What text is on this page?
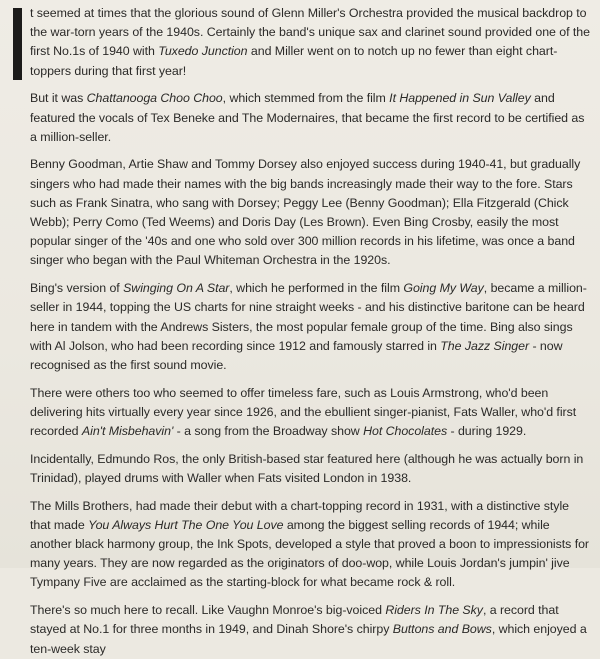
t seemed at times that the glorious sound of Glenn Miller's Orchestra provided the musical backdrop to the war-torn years of the 1940s. Certainly the band's unique sax and clarinet sound provided one of the first No.1s of 1940 with Tuxedo Junction and Miller went on to notch up no fewer than eight chart-toppers during that first year!

But it was Chattanooga Choo Choo, which stemmed from the film It Happened in Sun Valley and featured the vocals of Tex Beneke and The Modernaires, that became the first record to be certified as a million-seller.

Benny Goodman, Artie Shaw and Tommy Dorsey also enjoyed success during 1940-41, but gradually singers who had made their names with the big bands increasingly made their way to the fore. Stars such as Frank Sinatra, who sang with Dorsey; Peggy Lee (Benny Goodman); Ella Fitzgerald (Chick Webb); Perry Como (Ted Weems) and Doris Day (Les Brown). Even Bing Crosby, easily the most popular singer of the '40s and one who sold over 300 million records in his lifetime, was once a band singer who began with the Paul Whiteman Orchestra in the 1920s.

Bing's version of Swinging On A Star, which he performed in the film Going My Way, became a million-seller in 1944, topping the US charts for nine straight weeks - and his distinctive baritone can be heard here in tandem with the Andrews Sisters, the most popular female group of the time. Bing also sings with Al Jolson, who had been recording since 1912 and famously starred in The Jazz Singer - now recognised as the first sound movie.

There were others too who seemed to offer timeless fare, such as Louis Armstrong, who'd been delivering hits virtually every year since 1926, and the ebullient singer-pianist, Fats Waller, who'd first recorded Ain't Misbehavin' - a song from the Broadway show Hot Chocolates - during 1929.

Incidentally, Edmundo Ros, the only British-based star featured here (although he was actually born in Trinidad), played drums with Waller when Fats visited London in 1938.

The Mills Brothers, had made their debut with a chart-topping record in 1931, with a distinctive style that made You Always Hurt The One You Love among the biggest selling records of 1944; while another black harmony group, the Ink Spots, developed a style that proved a boon to impressionists for many years. They are now regarded as the originators of doo-wop, while Louis Jordan's jumpin' jive Tympany Five are acclaimed as the starting-block for what became rock & roll.

There's so much here to recall. Like Vaughn Monroe's big-voiced Riders In The Sky, a record that stayed at No.1 for three months in 1949, and Dinah Shore's chirpy Buttons and Bows, which enjoyed a ten-week stay
